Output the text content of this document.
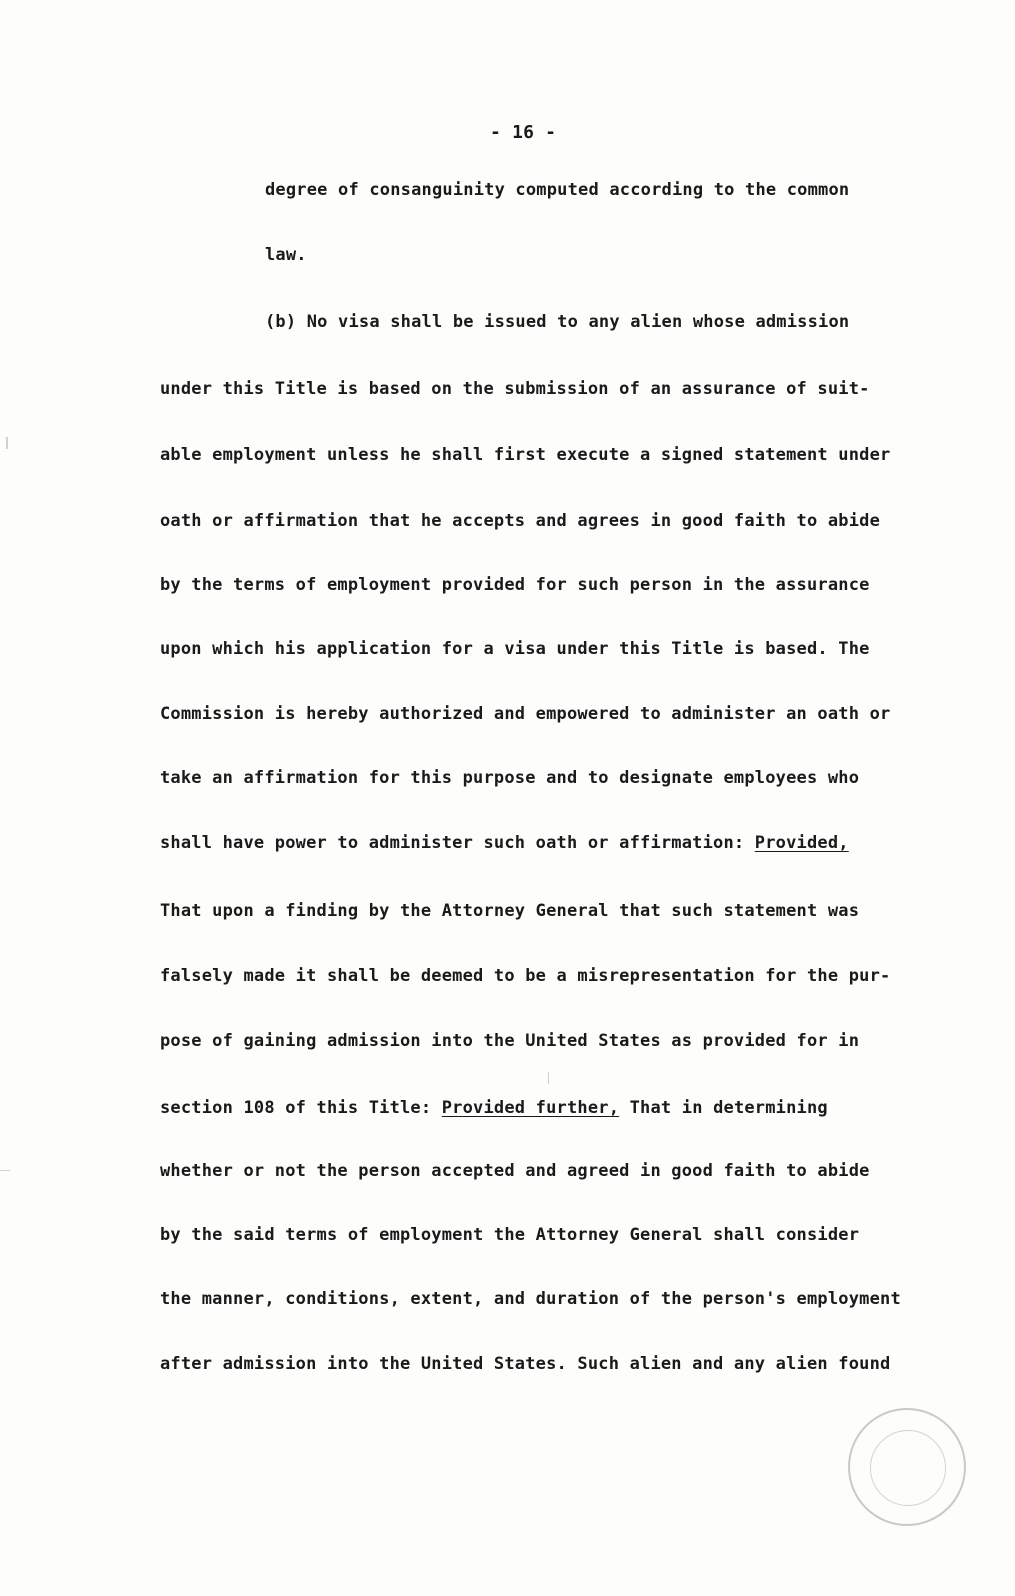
- 16 -
degree of consanguinity computed according to the common
law.
(b) No visa shall be issued to any alien whose admission
under this Title is based on the submission of an assurance of suit-
able employment unless he shall first execute a signed statement under
oath or affirmation that he accepts and agrees in good faith to abide
by the terms of employment provided for such person in the assurance
upon which his application for a visa under this Title is based. The
Commission is hereby authorized and empowered to administer an oath or
take an affirmation for this purpose and to designate employees who
shall have power to administer such oath or affirmation: Provided,
That upon a finding by the Attorney General that such statement was
falsely made it shall be deemed to be a misrepresentation for the pur-
pose of gaining admission into the United States as provided for in
section 108 of this Title: Provided further, That in determining
whether or not the person accepted and agreed in good faith to abide
by the said terms of employment the Attorney General shall consider
the manner, conditions, extent, and duration of the person's employment
after admission into the United States. Such alien and any alien found
